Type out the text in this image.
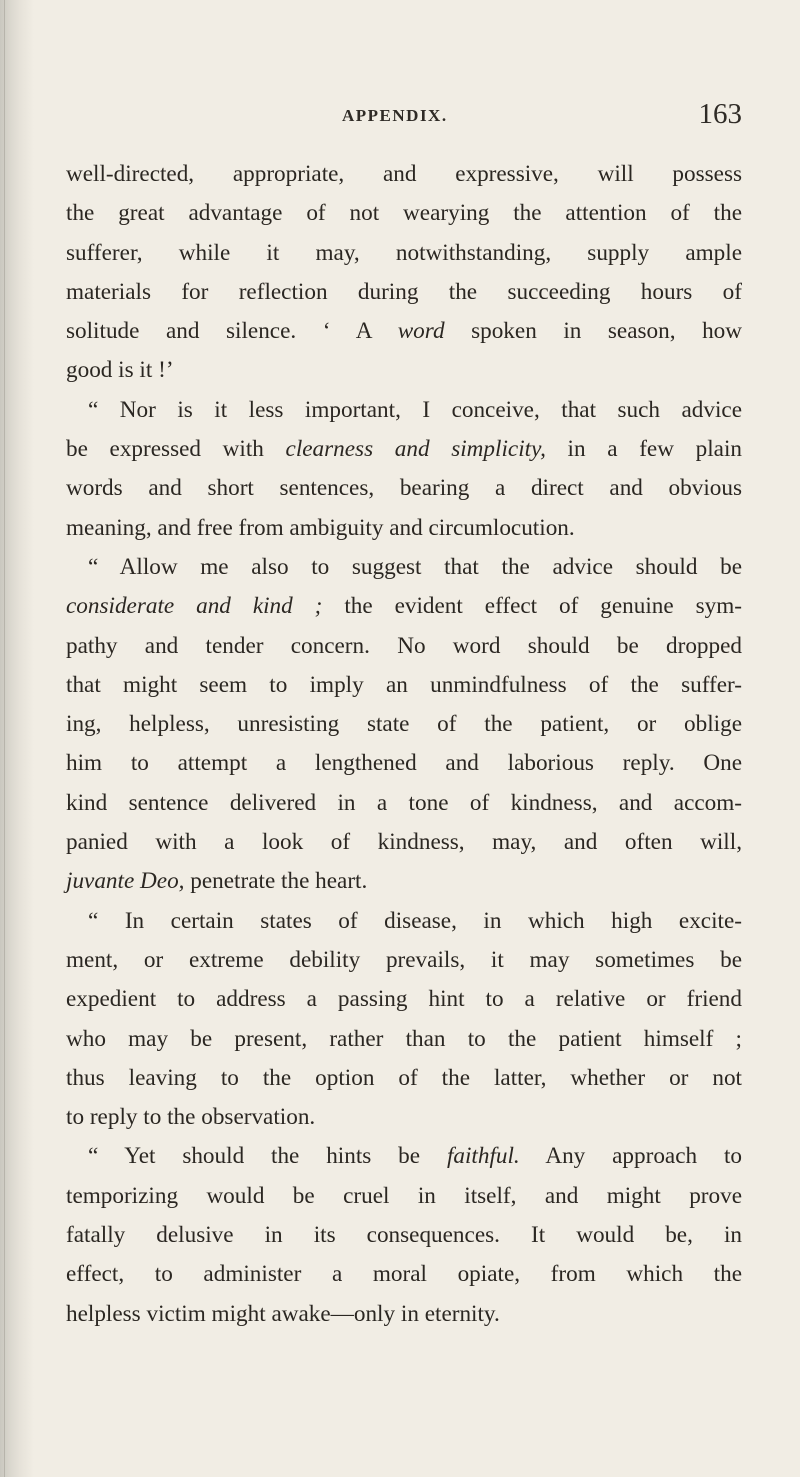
APPENDIX.	163
well-directed, appropriate, and expressive, will possess
the great advantage of not wearying the attention of the
sufferer, while it may, notwithstanding, supply ample
materials for reflection during the succeeding hours of
solitude and silence. ‘ A word spoken in season, how
good is it !’
“ Nor is it less important, I conceive, that such advice
be expressed with clearness and simplicity, in a few plain
words and short sentences, bearing a direct and obvious
meaning, and free from ambiguity and circumlocution.
“ Allow me also to suggest that the advice should be
considerate and kind ; the evident effect of genuine sym-
pathy and tender concern. No word should be dropped
that might seem to imply an unmindfulness of the suffer-
ing, helpless, unresisting state of the patient, or oblige
him to attempt a lengthened and laborious reply. One
kind sentence delivered in a tone of kindness, and accom-
panied with a look of kindness, may, and often will,
juvante Deo, penetrate the heart.
“ In certain states of disease, in which high excite-
ment, or extreme debility prevails, it may sometimes be
expedient to address a passing hint to a relative or friend
who may be present, rather than to the patient himself ;
thus leaving to the option of the latter, whether or not
to reply to the observation.
“ Yet should the hints be faithful. Any approach to
temporizing would be cruel in itself, and might prove
fatally delusive in its consequences. It would be, in
effect, to administer a moral opiate, from which the
helpless victim might awake—only in eternity.
